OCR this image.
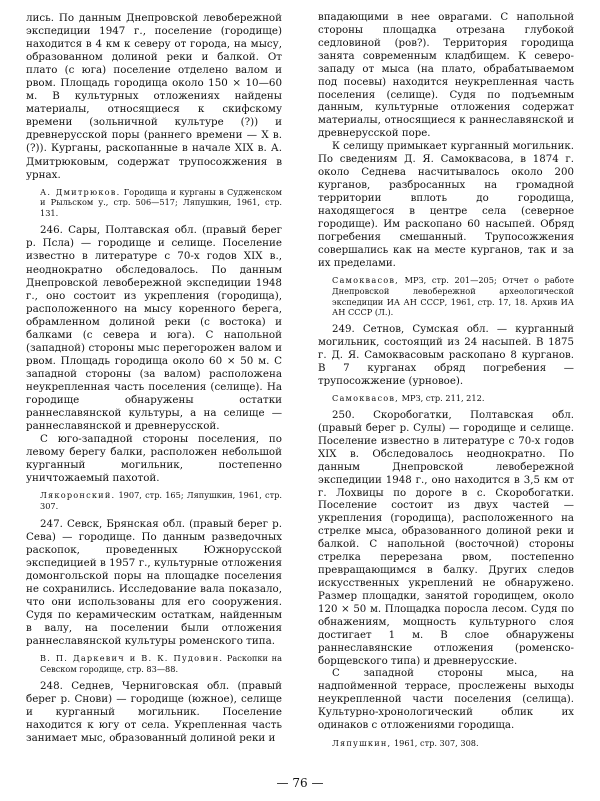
лись. По данным Днепровской левобережной экспедиции 1947 г., поселение (городище) находится в 4 км к северу от города, на мысу, образованном долиной реки и балкой. От плато (с юга) поселение отделено валом и рвом. Площадь городища около 150 × 10—60 м. В культурных отложениях найдены материалы, относящиеся к скифскому времени (зольничной культуре (?)) и древнерусской поры (раннего времени — Х в. (?)). Курганы, раскопанные в начале XIX в. А. Дмитрюковым, содержат трупосожжения в урнах.

А. Дмитрюков. Городища и курганы в Судженском и Рыльском у., стр. 506—517; Ляпушкин, 1961, стр. 131.

246. Сары, Полтавская обл. (правый берег р. Псла) — городище и селище. Поселение известно в литературе с 70-х годов XIX в., неоднократно обследовалось. По данным Днепровской левобережной экспедиции 1948 г., оно состоит из укрепления (городища), расположенного на мысу коренного берега, обрамленном долиной реки (с востока) и балками (с севера и юга). С напольной (западной) стороны мыс перегорожен валом и рвом. Площадь городища около 60 × 50 м. С западной стороны (за валом) расположена неукрепленная часть поселения (селище). На городище обнаружены остатки раннеславянской культуры, а на селище — раннеславянской и древнерусской.

С юго-западной стороны поселения, по левому берегу балки, расположен небольшой курганный могильник, постепенно уничтожаемый пахотой.

Лякоронский. 1907, стр. 165; Ляпушкин, 1961, стр. 307.

247. Севск, Брянская обл. (правый берег р. Сева) — городище. По данным разведочных раскопок, проведенных Южнорусской экспедицией в 1957 г., культурные отложения домонгольской поры на площадке поселения не сохранились. Исследование вала показало, что они использованы для его сооружения. Судя по керамическим остаткам, найденным в валу, на поселении были отложения раннеславянской культуры роменского типа.

В. П. Даркевич и В. К. Пудовин. Раскопки на Севском городище, стр. 83—88.

248. Седнев, Черниговская обл. (правый берег р. Снови) — городище (южное), селище и курганный могильник. Поселение находится к югу от села. Укрепленная часть занимает мыс, образованный долиной реки и

впадающими в нее оврагами. С напольной стороны площадка отрезана глубокой седловиной (ров?). Территория городища занята современным кладбищем. К северо-западу от мыса (на плато, обрабатываемом под посевы) находится неукрепленная часть поселения (селище). Судя по подъемным данным, культурные отложения содержат материалы, относящиеся к раннеславянской и древнерусской поре.

К селищу примыкает курганный могильник. По сведениям Д. Я. Самоквасова, в 1874 г. около Седнева насчитывалось около 200 курганов, разбросанных на громадной территории вплоть до городища, находящегося в центре села (северное городище). Им раскопано 60 насыпей. Обряд погребения смешанный. Трупосожжения совершались как на месте курганов, так и за их пределами.

Самоквасов, МРЗ, стр. 201—205; Отчет о работе Днепровской левобережной археологической экспедиции ИА АН СССР, 1961, стр. 17, 18. Архив ИА АН СССР (Л.).

249. Сетнов, Сумская обл. — курганный могильник, состоящий из 24 насыпей. В 1875 г. Д. Я. Самоквасовым раскопано 8 курганов. В 7 курганах обряд погребения — трупосожжение (урновое).

Самоквасов, МРЗ, стр. 211, 212.

250. Скоробогатки, Полтавская обл. (правый берег р. Сулы) — городище и селище. Поселение известно в литературе с 70-х годов XIX в. Обследовалось неоднократно. По данным Днепровской левобережной экспедиции 1948 г., оно находится в 3,5 км от г. Лохвицы по дороге в с. Скоробогатки. Поселение состоит из двух частей — укрепления (городища), расположенного на стрелке мыса, образованного долиной реки и балкой. С напольной (восточной) стороны стрелка перерезана рвом, постепенно превращающимся в балку. Других следов искусственных укреплений не обнаружено. Размер площадки, занятой городищем, около 120 × 50 м. Площадка поросла лесом. Судя по обнажениям, мощность культурного слоя достигает 1 м. В слое обнаружены раннеславянские отложения (роменско-борщевского типа) и древнерусские.

С западной стороны мыса, на надпойменной террасе, прослежены выходы неукрепленной части поселения (селища). Культурно-хронологический облик их одинаков с отложениями городища.

Ляпушкин, 1961, стр. 307, 308.
— 76 —
